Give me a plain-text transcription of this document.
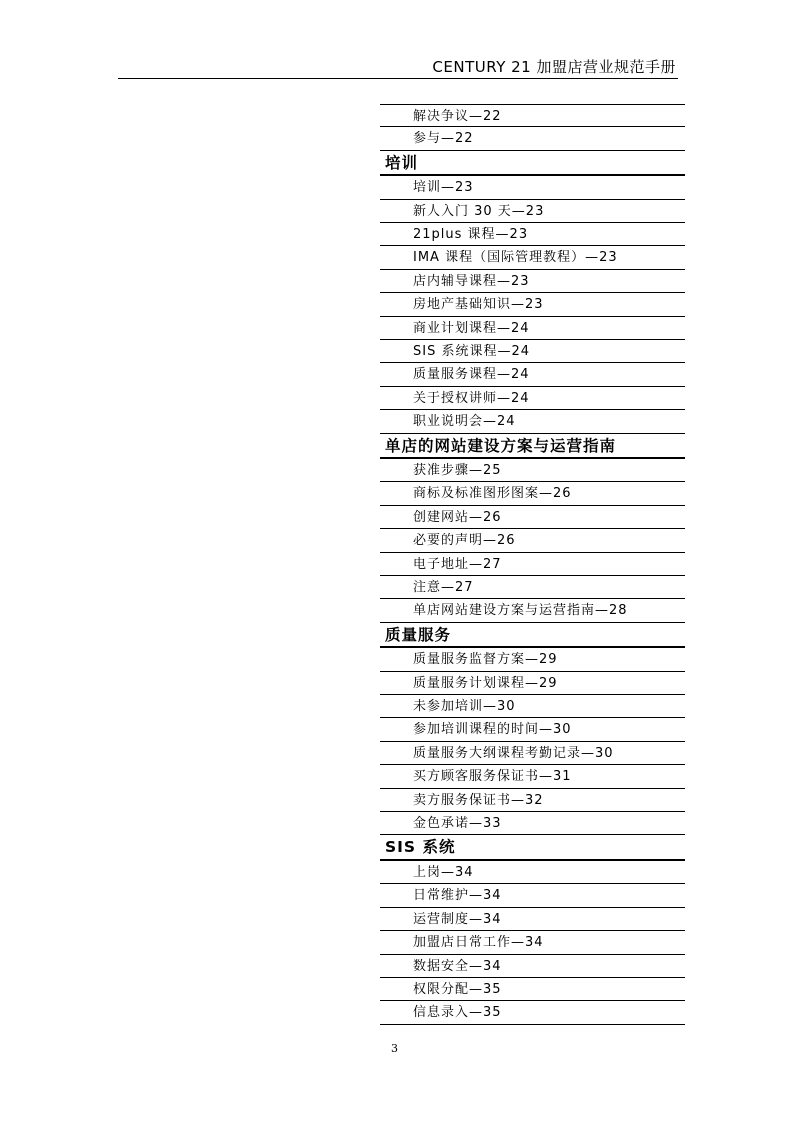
CENTURY 21 加盟店营业规范手册
解决争议—22
参与—22
培训
培训—23
新人入门 30 天—23
21plus 课程—23
IMA 课程（国际管理教程）—23
店内辅导课程—23
房地产基础知识—23
商业计划课程—24
SIS 系统课程—24
质量服务课程—24
关于授权讲师—24
职业说明会—24
单店的网站建设方案与运营指南
获准步骤—25
商标及标准图形图案—26
创建网站—26
必要的声明—26
电子地址—27
注意—27
单店网站建设方案与运营指南—28
质量服务
质量服务监督方案—29
质量服务计划课程—29
未参加培训—30
参加培训课程的时间—30
质量服务大纲课程考勤记录—30
买方顾客服务保证书—31
卖方服务保证书—32
金色承诺—33
SIS 系统
上岗—34
日常维护—34
运营制度—34
加盟店日常工作—34
数据安全—34
权限分配—35
信息录入—35
3
